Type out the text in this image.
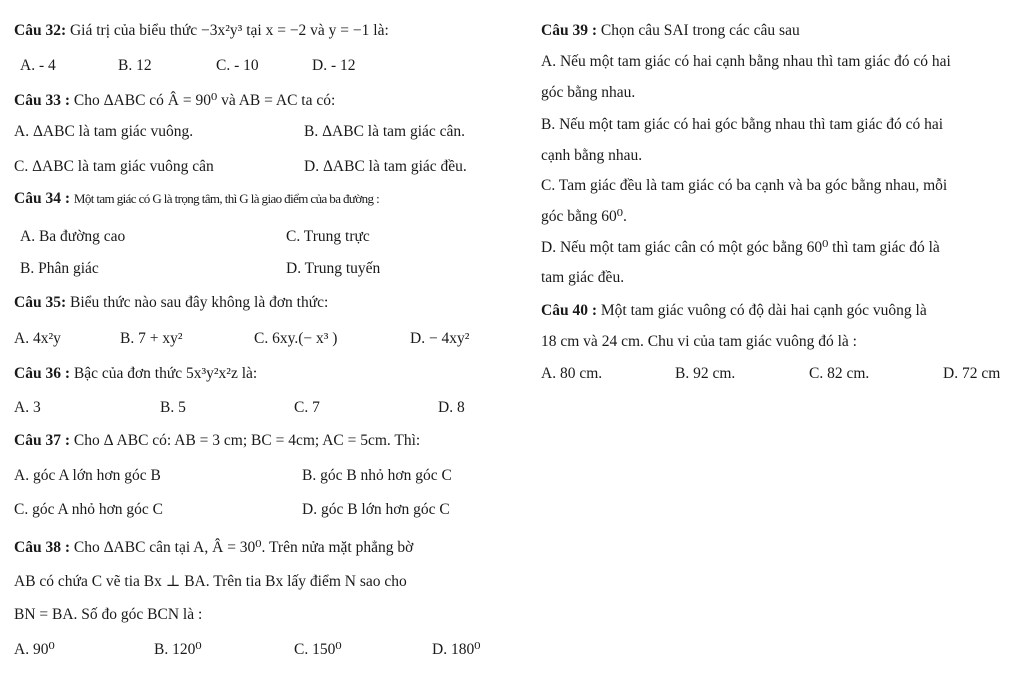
Câu 32: Giá trị của biểu thức −3x²y³ tại x = −2 và y = −1 là:
A. - 4	B. 12	C. - 10	D. - 12
Câu 33 : Cho ΔABC có Â = 90⁰ và AB = AC ta có:
A. ΔABC là tam giác vuông.	B. ΔABC là tam giác cân.
C. ΔABC là tam giác vuông cân	D. ΔABC là tam giác đều.
Câu 34 : Một tam giác có G là trọng tâm, thì G là giao điểm của ba đường :
A. Ba đường cao	C. Trung trực
B. Phân giác	D. Trung tuyến
Câu 35: Biểu thức nào sau đây không là đơn thức:
A. 4x²y	B. 7 + xy²	C. 6xy.(− x³ )	D. − 4xy²
Câu 36 : Bậc của đơn thức 5x³y²x²z là:
A. 3	B. 5	C. 7	D. 8
Câu 37 : Cho Δ ABC có: AB = 3 cm; BC = 4cm; AC = 5cm. Thì:
A. góc A lớn hơn góc B	B. góc B nhỏ hơn góc C
C. góc A nhỏ hơn góc C	D. góc B lớn hơn góc C
Câu 38 : Cho ΔABC cân tại A, Â = 30⁰. Trên nửa mặt phẳng bờ
AB có chứa C vẽ tia Bx ⊥ BA. Trên tia Bx lấy điểm N sao cho
BN = BA. Số đo góc BCN là :
A. 90⁰	B. 120⁰	C. 150⁰	D. 180⁰
Câu 39 : Chọn câu SAI trong các câu sau
A. Nếu một tam giác có hai cạnh bằng nhau thì tam giác đó có hai
góc bằng nhau.
B. Nếu một tam giác có hai góc bằng nhau thì tam giác đó có hai
cạnh bằng nhau.
C. Tam giác đều là tam giác có ba cạnh và ba góc bằng nhau, mỗi
góc bằng 60⁰.
D. Nếu một tam giác cân có một góc bằng 60⁰ thì tam giác đó là
tam giác đều.
Câu 40 : Một tam giác vuông có độ dài hai cạnh góc vuông là
18 cm và 24 cm. Chu vi của tam giác vuông đó là :
A. 80 cm.	B. 92 cm.	C. 82 cm.	D. 72 cm
